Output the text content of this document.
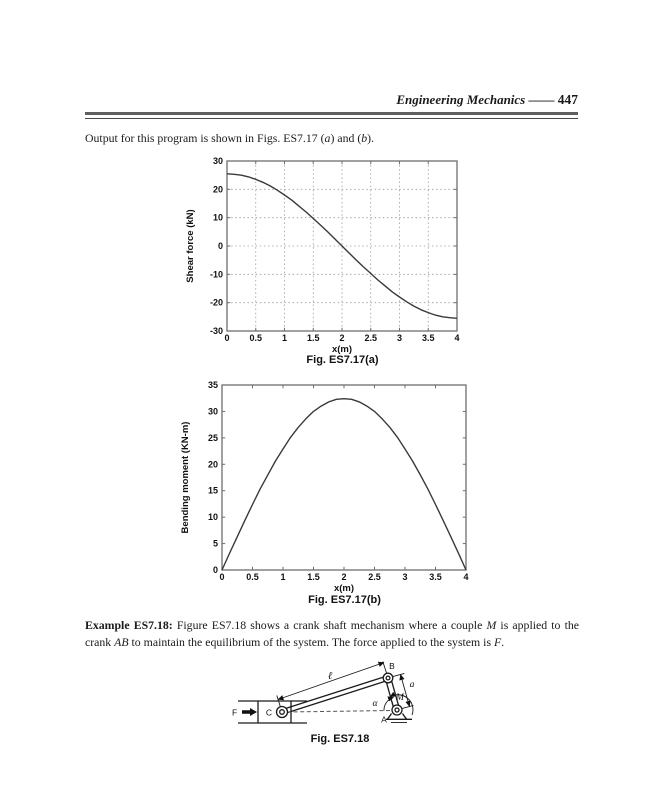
Engineering Mechanics —— 447

Output for this program is shown in Figs. ES7.17 (a) and (b).

0 0.5 1 1.5 2 2.5 3 3.5 4
30
20
10
0
-10
-20
-30
x(m)
Shear force (kN)
Fig. ES7.17(a)
0 0.5 1 1.5 2 2.5 3 3.5 4
35
30
25
20
15
10
5
0
x(m)
Bending moment (KN-m)
Fig. ES7.17(b)

Example ES7.18: Figure ES7.18 shows a crank shaft mechanism where a couple M is applied to the crank AB to maintain the equilibrium of the system. The force applied to the system is F.

F	C
B
A
ℓ
a
α
M
Fig. ES7.18
